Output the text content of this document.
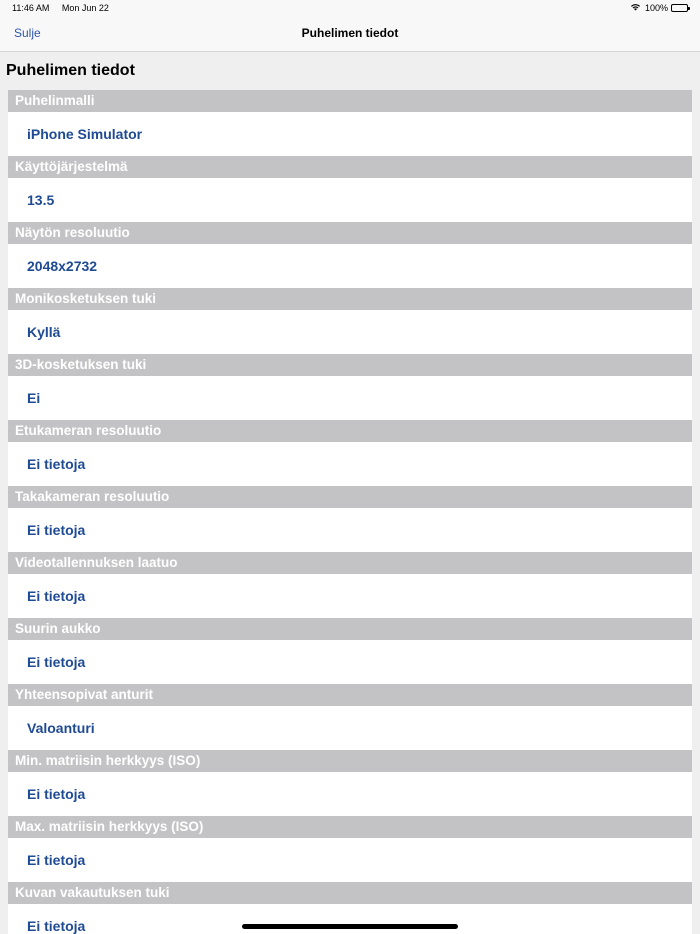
11:46 AM Mon Jun 22	100%
Sulje	Puhelimen tiedot
Puhelimen tiedot
Puhelinmalli
iPhone Simulator
Käyttöjärjestelmä
13.5
Näytön resoluutio
2048x2732
Monikosketuksen tuki
Kyllä
3D-kosketuksen tuki
Ei
Etukameran resoluutio
Ei tietoja
Takakameran resoluutio
Ei tietoja
Videotallennuksen laatuo
Ei tietoja
Suurin aukko
Ei tietoja
Yhteensopivat anturit
Valoanturi
Min. matriisin herkkyys (ISO)
Ei tietoja
Max. matriisin herkkyys (ISO)
Ei tietoja
Kuvan vakautuksen tuki
Ei tietoja
